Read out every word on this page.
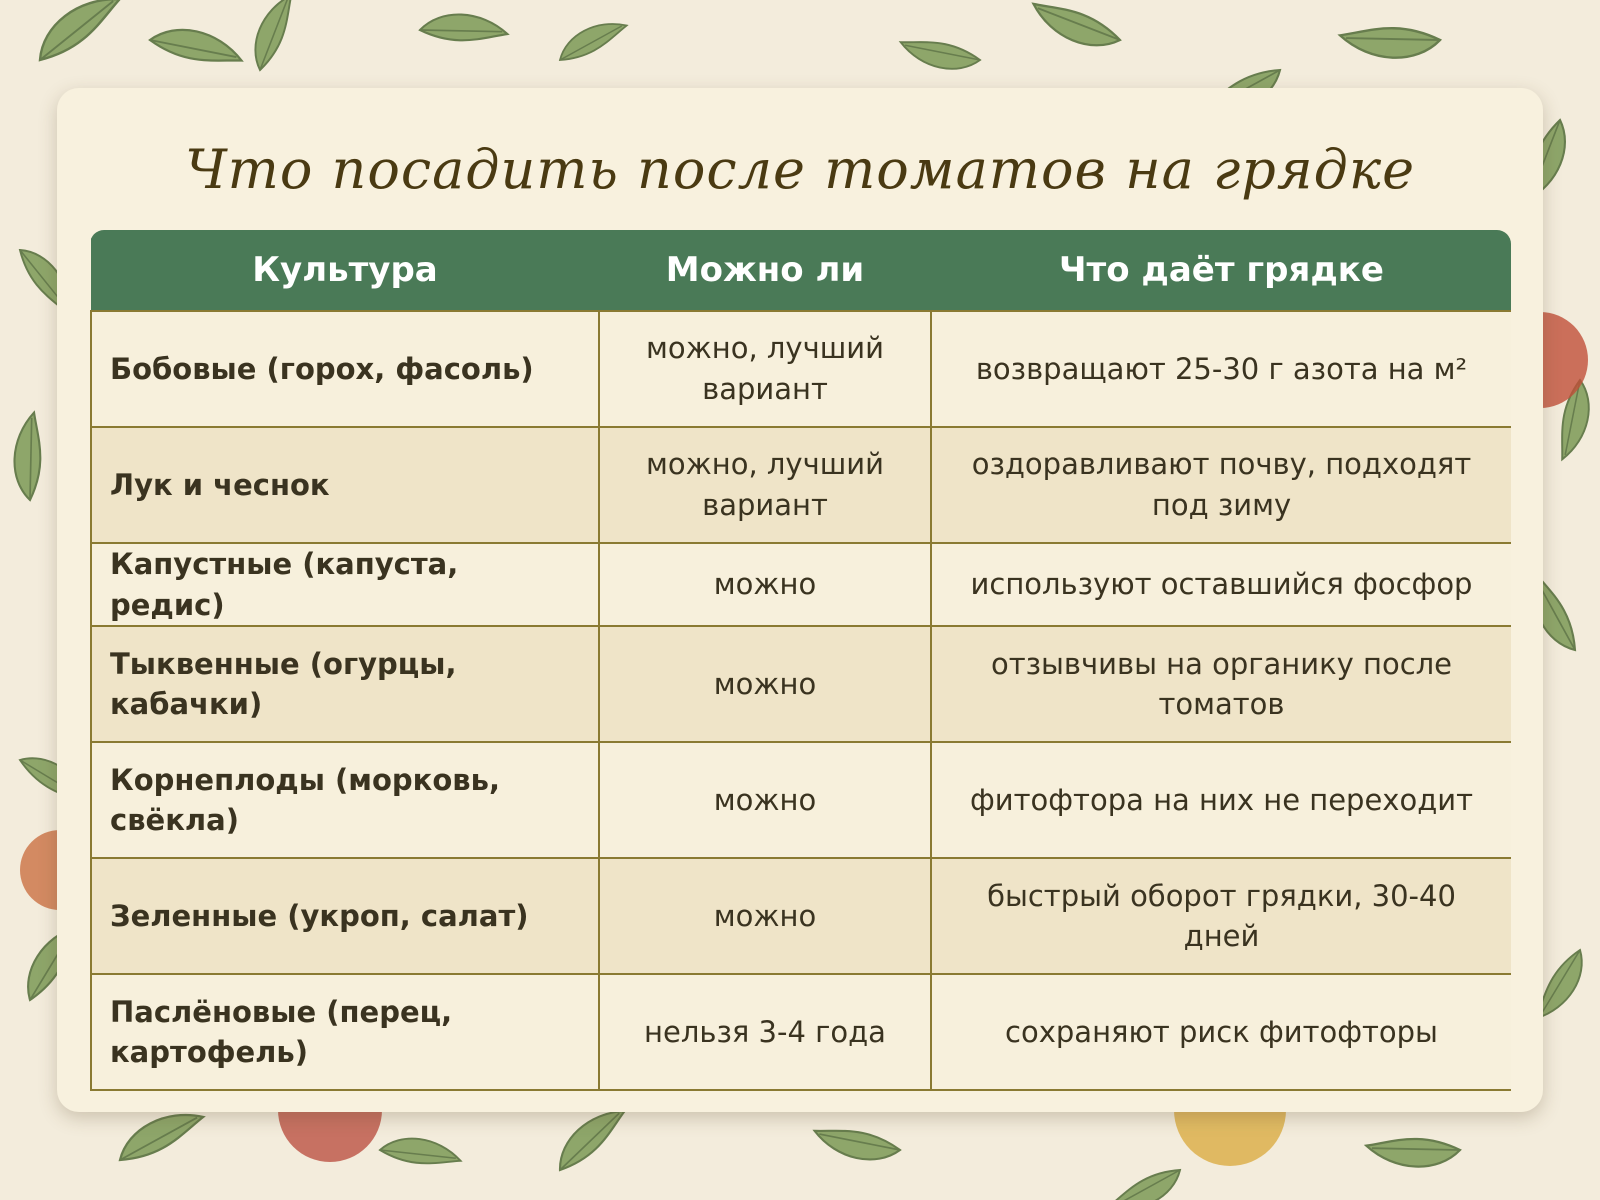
Что посадить после томатов на грядке
Культура	Можно ли	Что даёт грядке
Бобовые (горох, фасоль)	можно, лучший вариант	возвращают 25-30 г азота на м²
Лук и чеснок	можно, лучший вариант	оздоравливают почву, подходят под зиму
Капустные (капуста, редис)	можно	используют оставшийся фосфор
Тыквенные (огурцы, кабачки)	можно	отзывчивы на органику после томатов
Корнеплоды (морковь, свёкла)	можно	фитофтора на них не переходит
Зеленные (укроп, салат)	можно	быстрый оборот грядки, 30-40 дней
Паслёновые (перец, картофель)	нельзя 3-4 года	сохраняют риск фитофторы
